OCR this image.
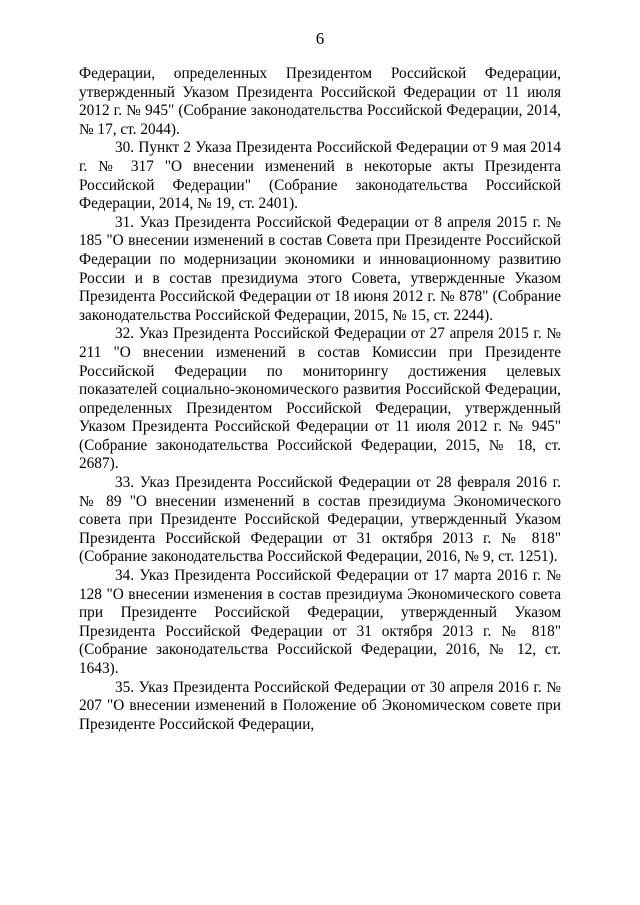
6

Федерации, определенных Президентом Российской Федерации, утвержденный Указом Президента Российской Федерации от 11 июля 2012 г. № 945" (Собрание законодательства Российской Федерации, 2014, № 17, ст. 2044).

30. Пункт 2 Указа Президента Российской Федерации от 9 мая 2014 г. № 317 "О внесении изменений в некоторые акты Президента Российской Федерации" (Собрание законодательства Российской Федерации, 2014, № 19, ст. 2401).

31. Указ Президента Российской Федерации от 8 апреля 2015 г. № 185 "О внесении изменений в состав Совета при Президенте Российской Федерации по модернизации экономики и инновационному развитию России и в состав президиума этого Совета, утвержденные Указом Президента Российской Федерации от 18 июня 2012 г. № 878" (Собрание законодательства Российской Федерации, 2015, № 15, ст. 2244).

32. Указ Президента Российской Федерации от 27 апреля 2015 г. № 211 "О внесении изменений в состав Комиссии при Президенте Российской Федерации по мониторингу достижения целевых показателей социально-экономического развития Российской Федерации, определенных Президентом Российской Федерации, утвержденный Указом Президента Российской Федерации от 11 июля 2012 г. № 945" (Собрание законодательства Российской Федерации, 2015, № 18, ст. 2687).

33. Указ Президента Российской Федерации от 28 февраля 2016 г. № 89 "О внесении изменений в состав президиума Экономического совета при Президенте Российской Федерации, утвержденный Указом Президента Российской Федерации от 31 октября 2013 г. № 818" (Собрание законодательства Российской Федерации, 2016, № 9, ст. 1251).

34. Указ Президента Российской Федерации от 17 марта 2016 г. № 128 "О внесении изменения в состав президиума Экономического совета при Президенте Российской Федерации, утвержденный Указом Президента Российской Федерации от 31 октября 2013 г. № 818" (Собрание законодательства Российской Федерации, 2016, № 12, ст. 1643).

35. Указ Президента Российской Федерации от 30 апреля 2016 г. № 207 "О внесении изменений в Положение об Экономическом совете при Президенте Российской Федерации,
